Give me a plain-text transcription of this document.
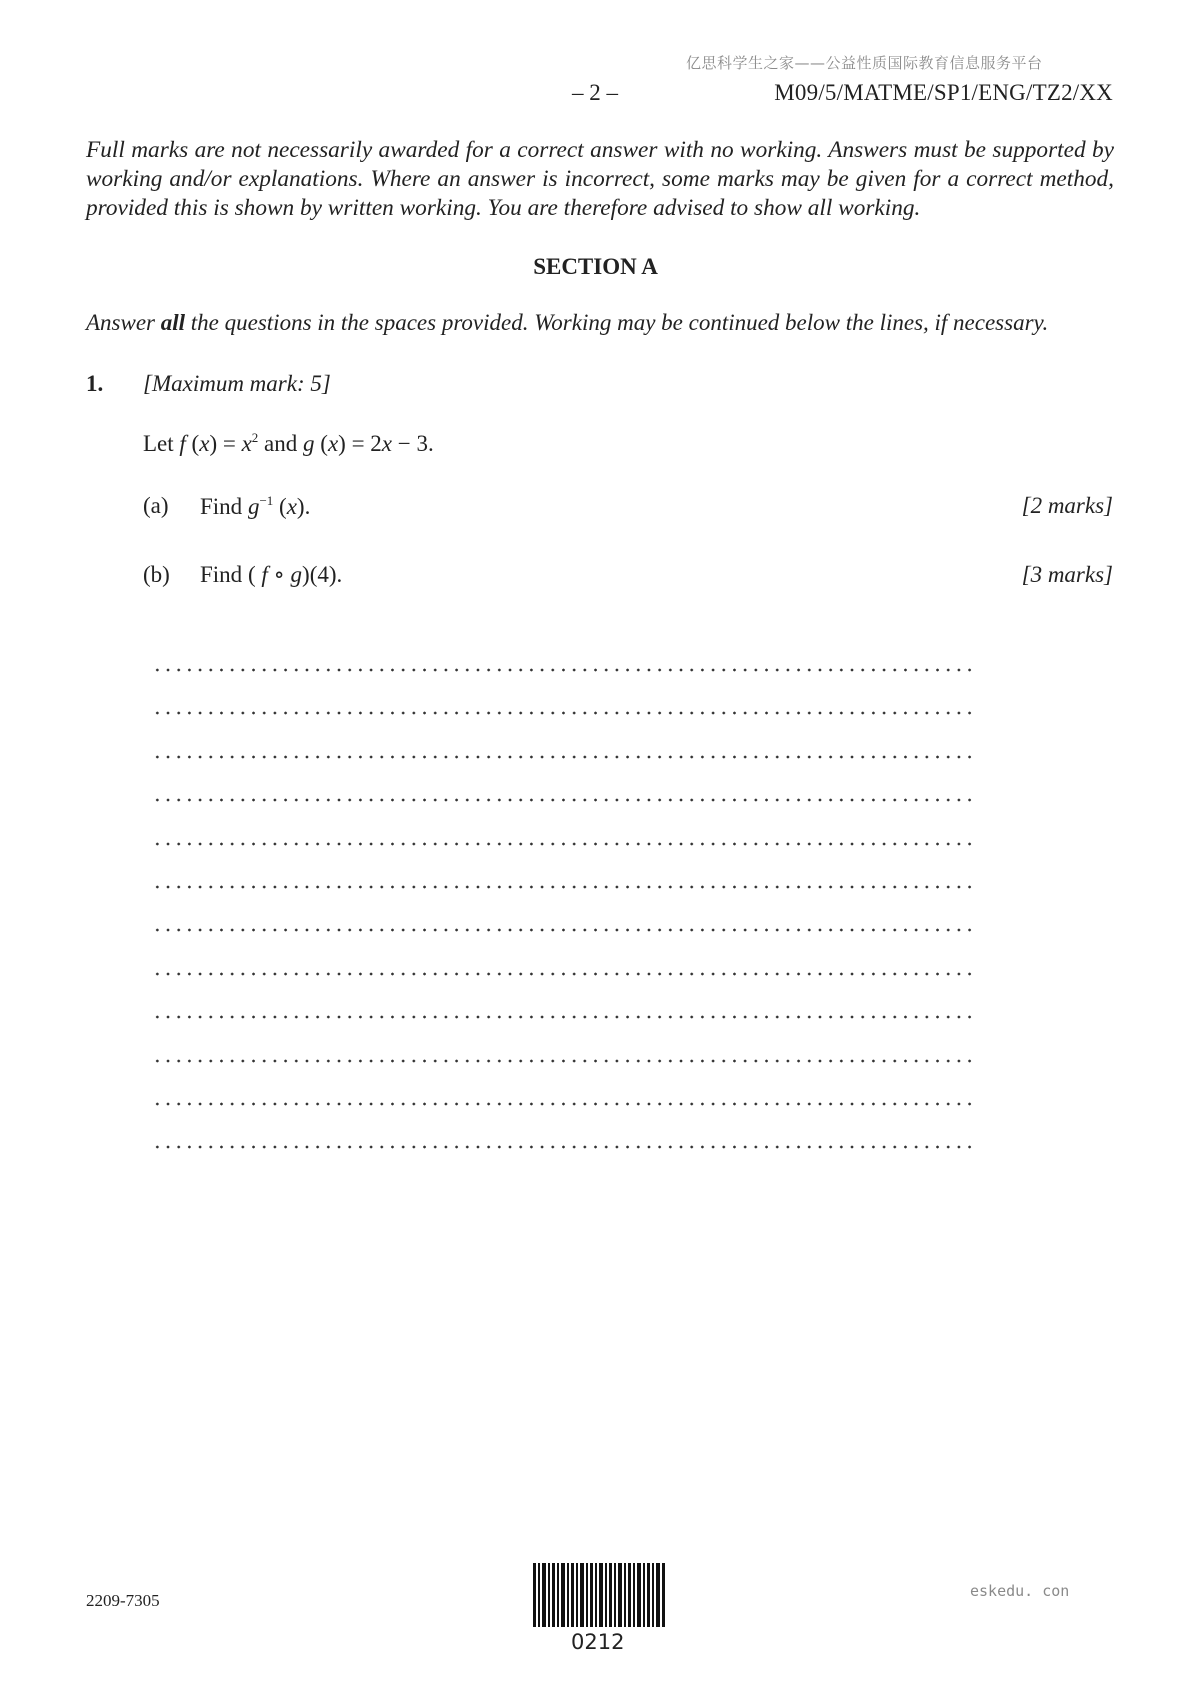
亿思科学生之家——公益性质国际教育信息服务平台
– 2 –	M09/5/MATME/SP1/ENG/TZ2/XX
Full marks are not necessarily awarded for a correct answer with no working. Answers must be supported by working and/or explanations. Where an answer is incorrect, some marks may be given for a correct method, provided this is shown by written working. You are therefore advised to show all working.
SECTION A
Answer all the questions in the spaces provided. Working may be continued below the lines, if necessary.
1. [Maximum mark: 5]
Let f $(x) = x^2$ and g (x) = 2x − 3.
(a) Find $g^{-1}$ (x).	[2 marks]
(b) Find ( f ∘ g)(4).	[3 marks]
2209-7305
0212
eskedu. con
